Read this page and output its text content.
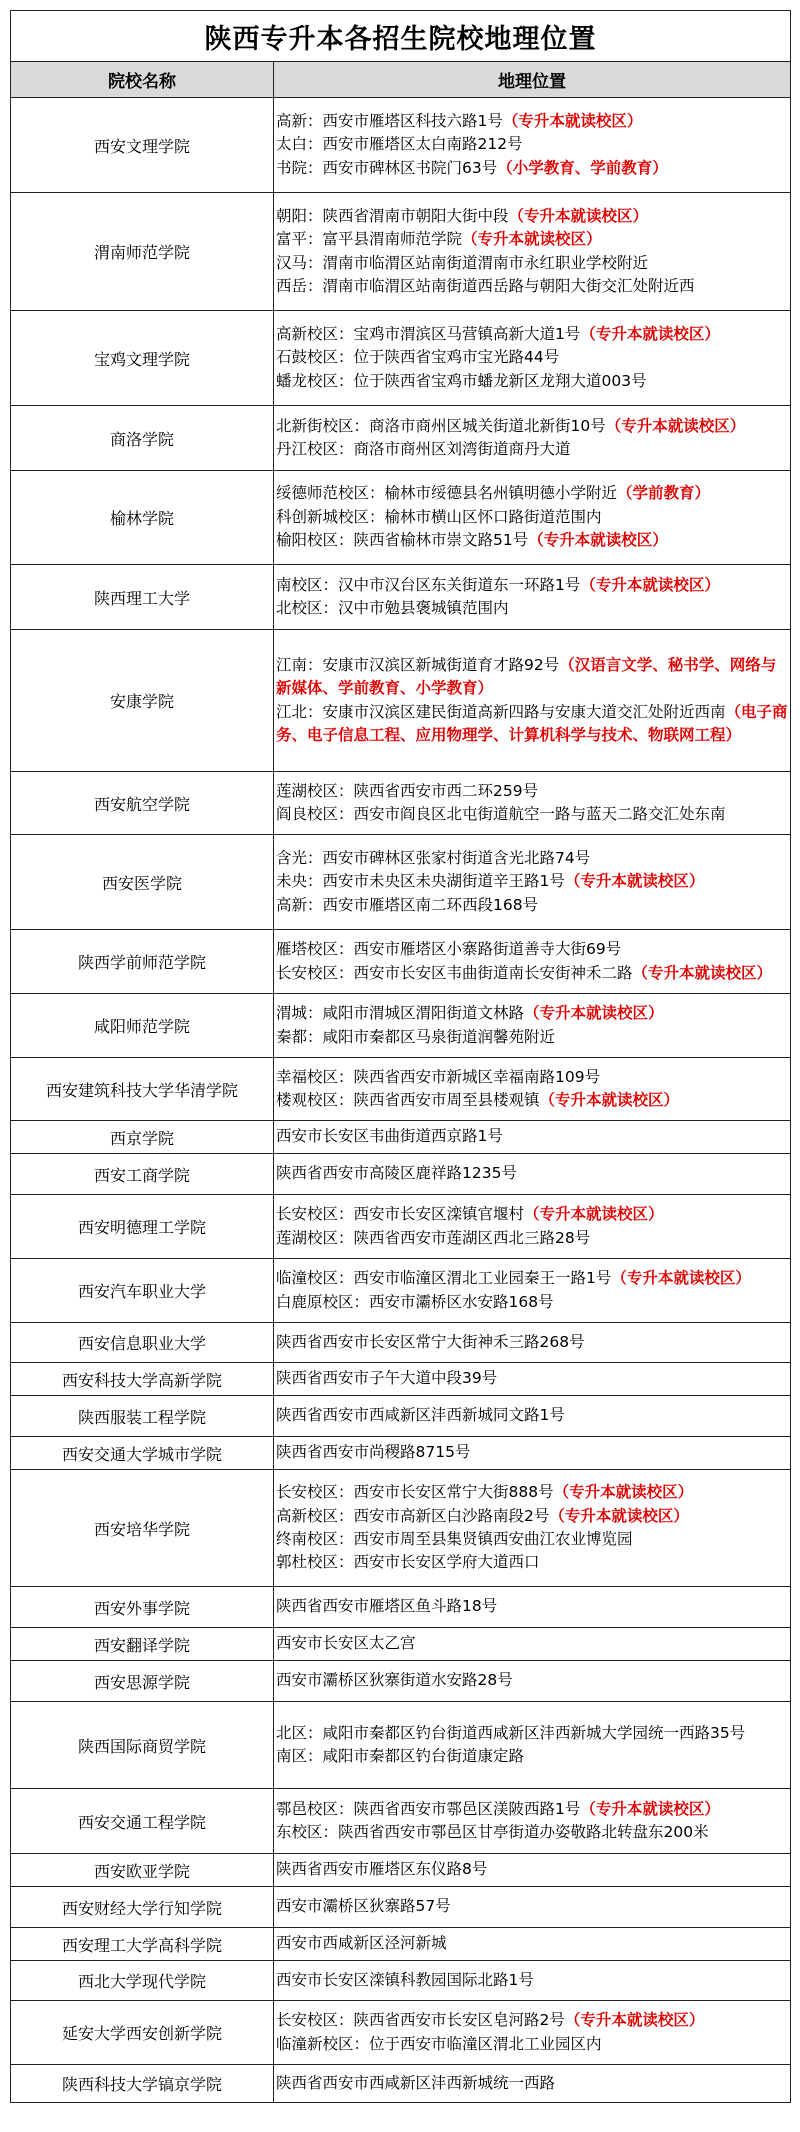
陕西专升本各招生院校地理位置	
院校名称	地理位置
西安文理学院	高新：西安市雁塔区科技六路1号（专升本就读校区）
太白：西安市雁塔区太白南路212号
书院：西安市碑林区书院门63号（小学教育、学前教育）

渭南师范学院	朝阳：陕西省渭南市朝阳大街中段（专升本就读校区）
富平：富平县渭南师范学院（专升本就读校区）
汉马：渭南市临渭区站南街道渭南市永红职业学校附近
西岳：渭南市临渭区站南街道西岳路与朝阳大街交汇处附近西

宝鸡文理学院	高新校区：宝鸡市渭滨区马营镇高新大道1号（专升本就读校区）
石鼓校区：位于陕西省宝鸡市宝光路44号
蟠龙校区：位于陕西省宝鸡市蟠龙新区龙翔大道003号

商洛学院	北新街校区：商洛市商州区城关街道北新街10号（专升本就读校区）
丹江校区：商洛市商州区刘湾街道商丹大道

榆林学院	绥德师范校区：榆林市绥德县名州镇明德小学附近（学前教育）
科创新城校区：榆林市横山区怀口路街道范围内
榆阳校区：陕西省榆林市崇文路51号（专升本就读校区）

陕西理工大学	南校区：汉中市汉台区东关街道东一环路1号（专升本就读校区）
北校区：汉中市勉县褒城镇范围内

安康学院	江南：安康市汉滨区新城街道育才路92号（汉语言文学、秘书学、网络与新媒体、学前教育、小学教育）
江北：安康市汉滨区建民街道高新四路与安康大道交汇处附近西南（电子商务、电子信息工程、应用物理学、计算机科学与技术、物联网工程）

西安航空学院	莲湖校区：陕西省西安市西二环259号
阎良校区：西安市阎良区北屯街道航空一路与蓝天二路交汇处东南

西安医学院	含光：西安市碑林区张家村街道含光北路74号
未央：西安市未央区未央湖街道辛王路1号（专升本就读校区）
高新：西安市雁塔区南二环西段168号

陕西学前师范学院	雁塔校区：西安市雁塔区小寨路街道善寺大街69号
长安校区：西安市长安区韦曲街道南长安街神禾二路（专升本就读校区）

咸阳师范学院	渭城：咸阳市渭城区渭阳街道文林路（专升本就读校区）
秦都：咸阳市秦都区马泉街道润馨苑附近

西安建筑科技大学华清学院	幸福校区：陕西省西安市新城区幸福南路109号
楼观校区：陕西省西安市周至县楼观镇（专升本就读校区）

西京学院	西安市长安区韦曲街道西京路1号

西安工商学院	陕西省西安市高陵区鹿祥路1235号

西安明德理工学院	长安校区：西安市长安区滦镇官堰村（专升本就读校区）
莲湖校区：陕西省西安市莲湖区西北三路28号

西安汽车职业大学	临潼校区：西安市临潼区渭北工业园秦王一路1号（专升本就读校区）
白鹿原校区：西安市灞桥区水安路168号

西安信息职业大学	陕西省西安市长安区常宁大街神禾三路268号

西安科技大学高新学院	陕西省西安市子午大道中段39号

陕西服装工程学院	陕西省西安市西咸新区沣西新城同文路1号

西安交通大学城市学院	陕西省西安市尚稷路8715号

西安培华学院	长安校区：西安市长安区常宁大街888号（专升本就读校区）
高新校区：西安市高新区白沙路南段2号（专升本就读校区）
终南校区：西安市周至县集贤镇西安曲江农业博览园
郭杜校区：西安市长安区学府大道西口

西安外事学院	陕西省西安市雁塔区鱼斗路18号

西安翻译学院	西安市长安区太乙宫

西安思源学院	西安市灞桥区狄寨街道水安路28号

陕西国际商贸学院	北区：咸阳市秦都区钓台街道西咸新区沣西新城大学园统一西路35号
南区：咸阳市秦都区钓台街道康定路

西安交通工程学院	鄠邑校区：陕西省西安市鄠邑区渼陂西路1号（专升本就读校区）
东校区：陕西省西安市鄠邑区甘亭街道办姿敬路北转盘东200米

西安欧亚学院	陕西省西安市雁塔区东仪路8号

西安财经大学行知学院	西安市灞桥区狄寨路57号

西安理工大学高科学院	西安市西咸新区泾河新城

西北大学现代学院	西安市长安区滦镇科教园国际北路1号

延安大学西安创新学院	长安校区：陕西省西安市长安区皂河路2号（专升本就读校区）
临潼新校区：位于西安市临潼区渭北工业园区内

陕西科技大学镐京学院	陕西省西安市西咸新区沣西新城统一西路
